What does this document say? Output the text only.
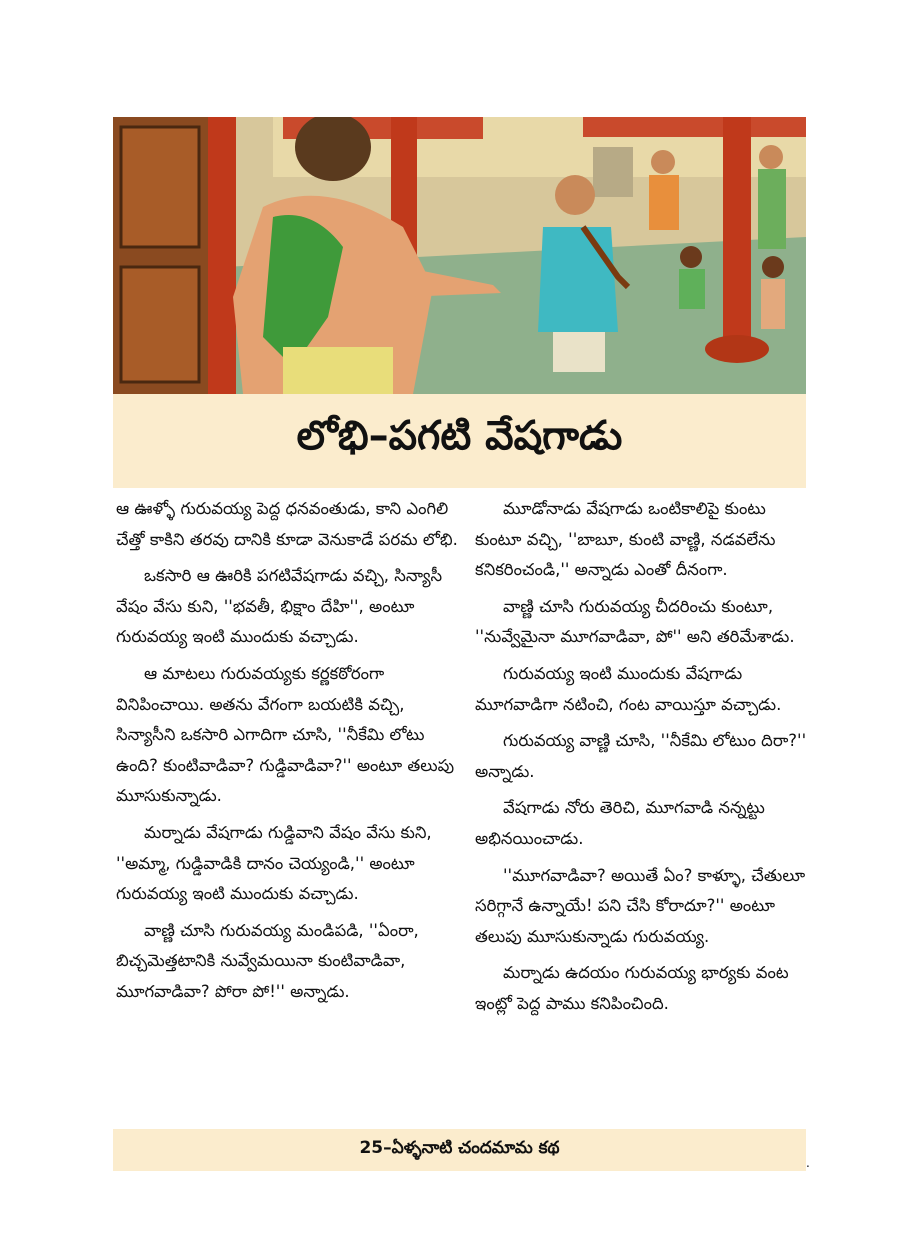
లోభి–పగటి వేషగాడు

ఆ ఊళ్ళో గురువయ్య పెద్ద ధనవంతుడు, కాని ఎంగిలి చేత్తో కాకిని తరవు దానికి కూడా వెనుకాడే పరమ లోభి.

ఒకసారి ఆ ఊరికి పగటివేషగాడు వచ్చి, సిన్యాసీ వేషం వేసు కుని, ''భవతీ, భిక్షాం దేహి'', అంటూ గురువయ్య ఇంటి ముందుకు వచ్చాడు.

ఆ మాటలు గురువయ్యకు కర్ణకఠోరంగా వినిపించాయి. అతను వేగంగా బయటికి వచ్చి, సిన్యాసీని ఒకసారి ఎగాదిగా చూసి, ''నీకేమి లోటు ఉంది? కుంటివాడివా? గుడ్డివాడివా?'' అంటూ తలుపు మూసుకున్నాడు.

మర్నాడు వేషగాడు గుడ్డివాని వేషం వేసు కుని, ''అమ్మా, గుడ్డివాడికి దానం చెయ్యండి,'' అంటూ గురువయ్య ఇంటి ముందుకు వచ్చాడు.

వాణ్ణి చూసి గురువయ్య మండిపడి, ''ఏంరా, బిచ్చమెత్తటానికి నువ్వేమయినా కుంటివాడివా, మూగవాడివా? పోరా పో!'' అన్నాడు.

మూడోనాడు వేషగాడు ఒంటికాలిపై కుంటు కుంటూ వచ్చి, ''బాబూ, కుంటి వాణ్ణి, నడవలేను కనికరించండి,'' అన్నాడు ఎంతో దీనంగా.

వాణ్ణి చూసి గురువయ్య చీదరించు కుంటూ, ''నువ్వేమైనా మూగవాడివా, పో'' అని తరిమేశాడు.

గురువయ్య ఇంటి ముందుకు వేషగాడు మూగవాడిగా నటించి, గంట వాయిస్తూ వచ్చాడు.

గురువయ్య వాణ్ణి చూసి, ''నీకేమి లోటుం దిరా?'' అన్నాడు.

వేషగాడు నోరు తెరిచి, మూగవాడి నన్నట్టు అభినయించాడు.

''మూగవాడివా? అయితే ఏం? కాళ్ళూ, చేతులూ సరిగ్గానే ఉన్నాయే! పని చేసి కోరాదూ?'' అంటూ తలుపు మూసుకున్నాడు గురువయ్య.

మర్నాడు ఉదయం గురువయ్య భార్యకు వంట ఇంట్లో పెద్ద పాము కనిపించింది.

25–ఏళ్ళనాటి చందమామ కథ
.
